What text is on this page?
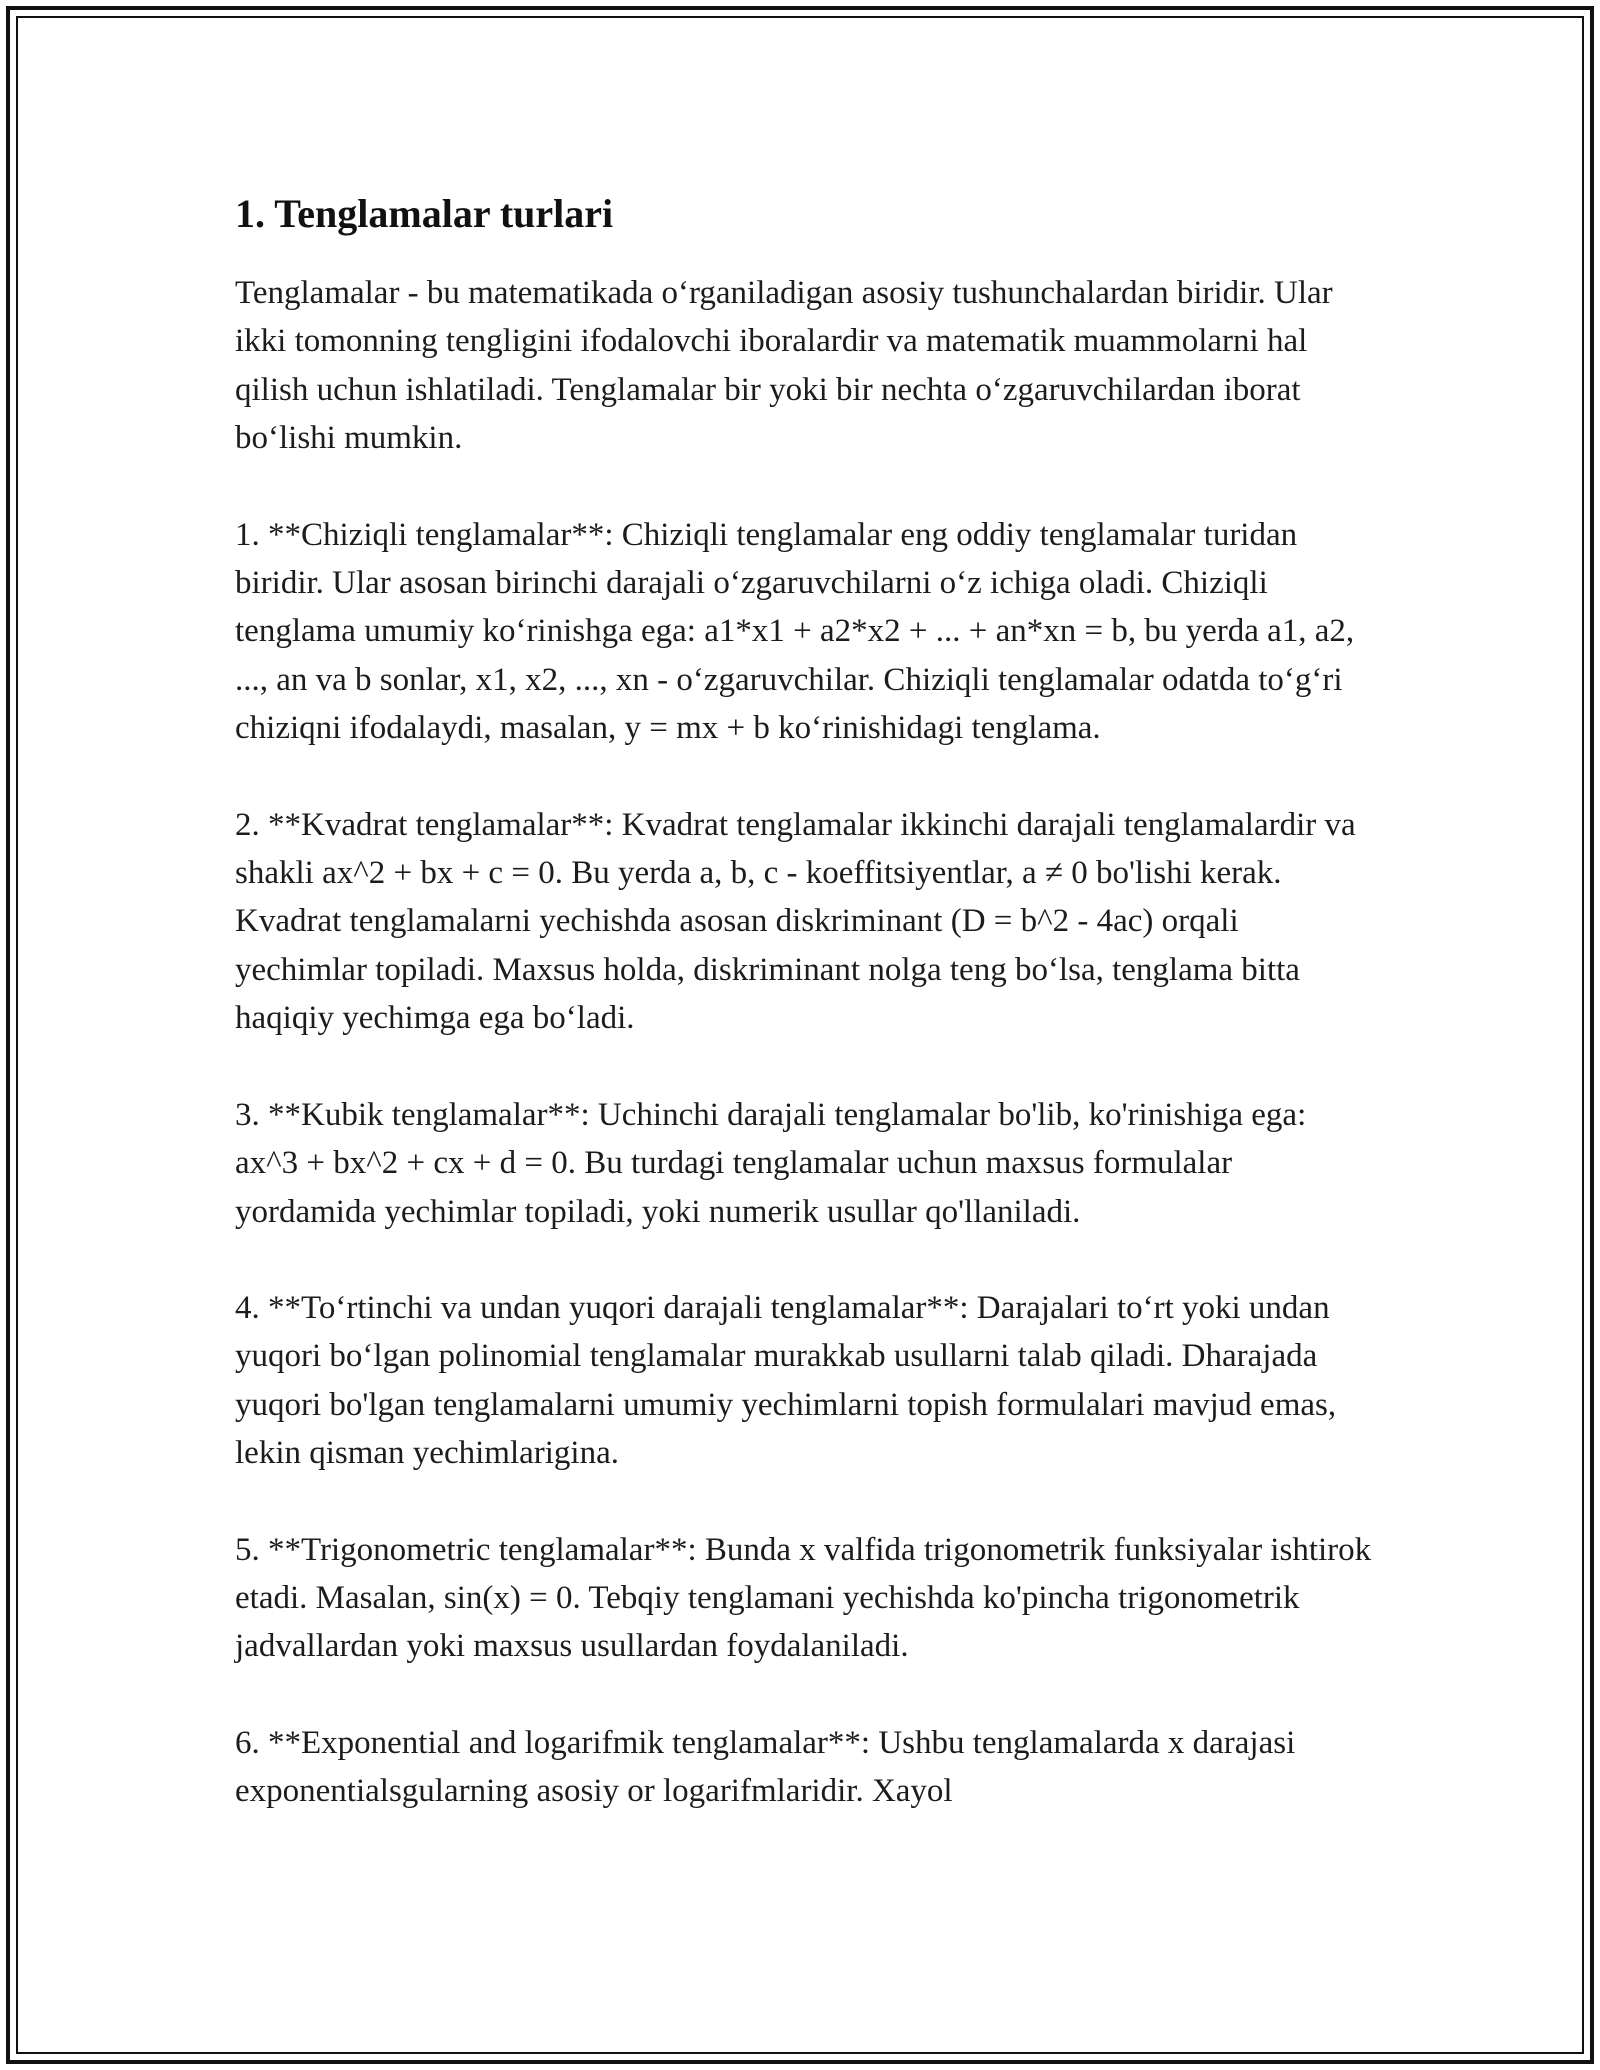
1. Tenglamalar turlari

Tenglamalar - bu matematikada o‘rganiladigan asosiy tushunchalardan biridir. Ular ikki tomonning tengligini ifodalovchi iboralardir va matematik muammolarni hal qilish uchun ishlatiladi. Tenglamalar bir yoki bir nechta o‘zgaruvchilardan iborat bo‘lishi mumkin.

1. **Chiziqli tenglamalar**: Chiziqli tenglamalar eng oddiy tenglamalar turidan biridir. Ular asosan birinchi darajali o‘zgaruvchilarni o‘z ichiga oladi. Chiziqli tenglama umumiy ko‘rinishga ega: a1*x1 + a2*x2 + ... + an*xn = b, bu yerda a1, a2, ..., an va b sonlar, x1, x2, ..., xn - o‘zgaruvchilar. Chiziqli tenglamalar odatda to‘g‘ri chiziqni ifodalaydi, masalan, y = mx + b ko‘rinishidagi tenglama.

2. **Kvadrat tenglamalar**: Kvadrat tenglamalar ikkinchi darajali tenglamalardir va shakli ax^2 + bx + c = 0. Bu yerda a, b, c - koeffitsiyentlar, a ≠ 0 bo'lishi kerak. Kvadrat tenglamalarni yechishda asosan diskriminant (D = b^2 - 4ac) orqali yechimlar topiladi. Maxsus holda, diskriminant nolga teng bo‘lsa, tenglama bitta haqiqiy yechimga ega bo‘ladi.

3. **Kubik tenglamalar**: Uchinchi darajali tenglamalar bo'lib, ko'rinishiga ega: ax^3 + bx^2 + cx + d = 0. Bu turdagi tenglamalar uchun maxsus formulalar yordamida yechimlar topiladi, yoki numerik usullar qo'llaniladi.

4. **To‘rtinchi va undan yuqori darajali tenglamalar**: Darajalari to‘rt yoki undan yuqori bo‘lgan polinomial tenglamalar murakkab usullarni talab qiladi. Dharajada yuqori bo'lgan tenglamalarni umumiy yechimlarni topish formulalari mavjud emas, lekin qisman yechimlariginа.

5. **Trigonometric tenglamalar**: Bunda x valfida trigonometrik funksiyalar ishtirok etadi. Masalan, sin(x) = 0. Tebqiy tenglamani yechishda ko'pincha trigonometrik jadvallardan yoki maxsus usullardan foydalaniladi.

6. **Exponential and logarifmik tenglamalar**: Ushbu tenglamalarda x darajasi exponentialsgularning asosiy or logarifmlaridir. Xayol
